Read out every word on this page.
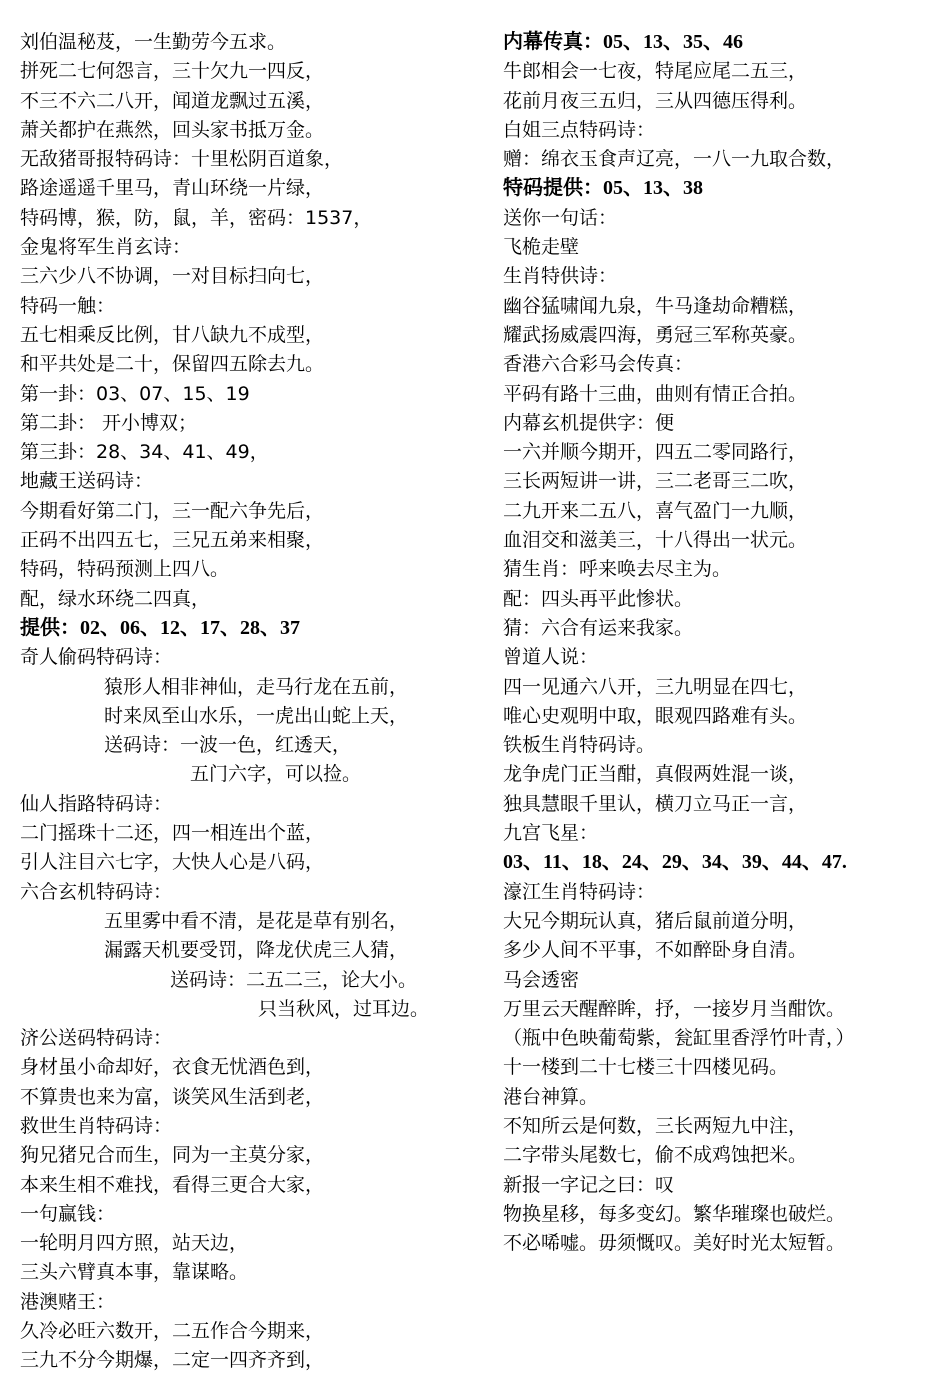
刘伯温秘芨，一生勤劳今五求。
拼死二七何怨言，三十欠九一四反，
不三不六二八开，闻道龙飘过五溪，
萧关都护在燕然，回头家书抵万金。
无敌猪哥报特码诗：十里松阴百道象，
路途遥遥千里马，青山环绕一片绿，
特码博，猴，防，鼠，羊，密码：1537，
金鬼将军生肖玄诗：
三六少八不协调，一对目标扫向七，
特码一触：
五七相乘反比例，甘八缺九不成型，
和平共处是二十，保留四五除去九。
第一卦：03、07、15、19
第二卦： 开小博双；
第三卦：28、34、41、49，
地藏王送码诗：
今期看好第二门，三一配六争先后，
正码不出四五七，三兄五弟来相聚，
特码，特码预测上四八。
配，绿水环绕二四真，
提供：02、06、12、17、28、37
奇人偷码特码诗：
猿形人相非神仙，走马行龙在五前，
时来凤至山水乐，一虎出山蛇上天，
送码诗：一波一色，红透天，
五门六字，可以捡。
仙人指路特码诗：
二门摇珠十二还，四一相连出个蓝，
引人注目六七字，大快人心是八码，
六合玄机特码诗：
五里雾中看不清，是花是草有别名，
漏露天机要受罚，降龙伏虎三人猜，
送码诗：二五二三，论大小。
只当秋风，过耳边。
济公送码特码诗：
身材虽小命却好，衣食无忧酒色到，
不算贵也来为富，谈笑风生活到老，
救世生肖特码诗：
狗兄猪兄合而生，同为一主莫分家，
本来生相不难找，看得三更合大家，
一句赢钱：
一轮明月四方照，站天边，
三头六臂真本事，靠谋略。
港澳赌王：
久冷必旺六数开，二五作合今期来，
三九不分今期爆，二定一四齐齐到，
内幕传真：05、13、35、46
牛郎相会一七夜，特尾应尾二五三，
花前月夜三五归，三从四德压得利。
白姐三点特码诗：
赠：绵衣玉食声辽亮，一八一九取合数，
特码提供：05、13、38
送你一句话：
飞桅走壁
生肖特供诗：
幽谷猛啸闻九泉，牛马逢劫命糟糕，
耀武扬威震四海，勇冠三军称英豪。
香港六合彩马会传真：
平码有路十三曲，曲则有情正合拍。
内幕玄机提供字：便
一六并顺今期开，四五二零同路行，
三长两短讲一讲，三二老哥三二吹，
二九开来二五八，喜气盈门一九顺，
血泪交和滋美三，十八得出一状元。
猜生肖：呼来唤去尽主为。
配：四头再平此惨状。
猜：六合有运来我家。
曾道人说：
四一见通六八开，三九明显在四七，
唯心史观明中取，眼观四路难有头。
铁板生肖特码诗。
龙争虎门正当酣，真假两姓混一谈，
独具慧眼千里认，横刀立马正一言，
九宫飞星：
03、11、18、24、29、34、39、44、47.
濠江生肖特码诗：
大兄今期玩认真，猪后鼠前道分明，
多少人间不平事，不如醉卧身自清。
马会透密
万里云天醒醉眸，抒，一接岁月当酣饮。
（瓶中色映葡萄紫，瓮缸里香浮竹叶青，）
十一楼到二十七楼三十四楼见码。
港台神算。
不知所云是何数，三长两短九中注，
二字带头尾数七，偷不成鸡蚀把米。
新报一字记之曰：叹
物换星移，每多变幻。繁华璀璨也破烂。
不必唏嘘。毋须慨叹。美好时光太短暂。
